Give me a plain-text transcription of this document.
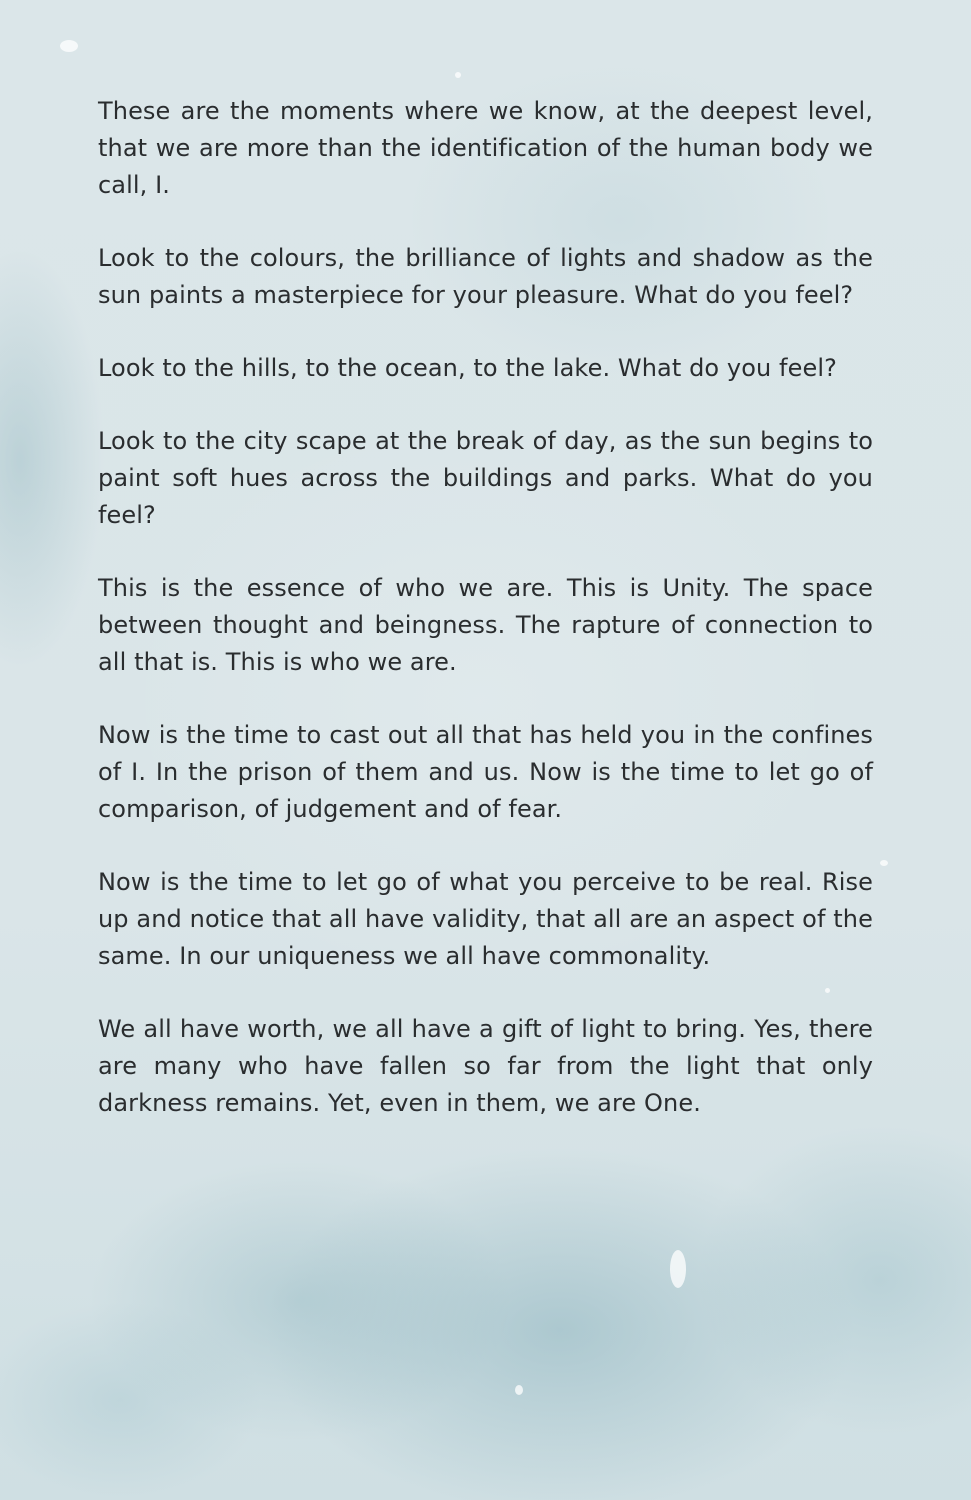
These are the moments where we know, at the deepest level, that we are more than the identification of the human body we call, I.

Look to the colours, the brilliance of lights and shadow as the sun paints a masterpiece for your pleasure. What do you feel?

Look to the hills, to the ocean, to the lake. What do you feel?

Look to the city scape at the break of day, as the sun begins to paint soft hues across the buildings and parks. What do you feel?

This is the essence of who we are. This is Unity. The space between thought and beingness. The rapture of connection to all that is. This is who we are.

Now is the time to cast out all that has held you in the confines of I. In the prison of them and us. Now is the time to let go of comparison, of judgement and of fear.

Now is the time to let go of what you perceive to be real. Rise up and notice that all have validity, that all are an aspect of the same. In our uniqueness we all have commonality.

We all have worth, we all have a gift of light to bring. Yes, there are many who have fallen so far from the light that only darkness remains. Yet, even in them, we are One.
